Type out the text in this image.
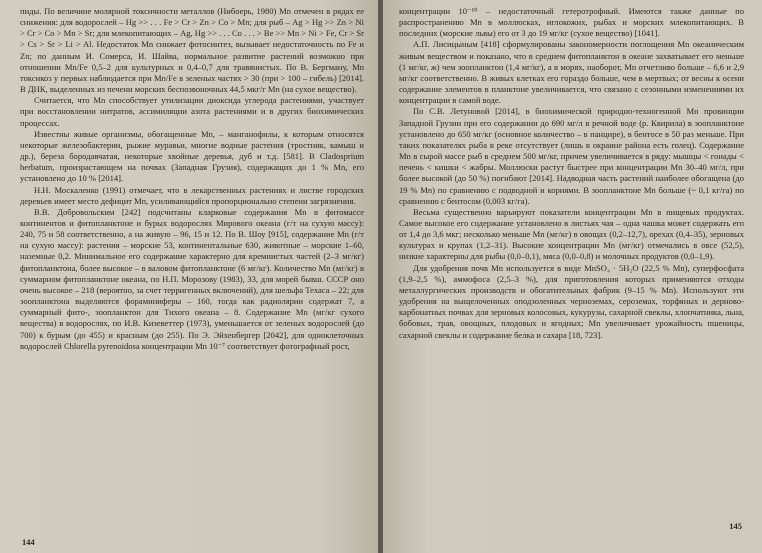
пиды. По величине молярной токсичности металлов (Нибоерь, 1980) Mn отмечен в рядах ее снижения: для водорослей – Hg >> . . . Fe > Cr > Zn > Co > Mn; для рыб – Ag > Hg >> Zn > Ni > Cr > Co > Mn > Sr; для млекопитающих – Ag, Hg >> . . . Co . . . > Be >> Mn > Ni > Fe, Cr > Sr > Cs > Sr > Li > Al. Недостаток Mn снижает фотосинтез, вызывает недостаточность по Fe и Zn; по данным И. Сомерса, И. Шайва, нормальное развитие растений возможно при отношении Mn/Fe 0,5–2 для культурных и 0,4–0,7 для травянистых. По В. Бергману, Mn токсикоз у первых наблюдается при Mn/Fe в зеленых частях > 30 (при > 100 – гибель) [2014]. В ДНК, выделенных из печени морских беспозвоночных 44,5 мкг/г Mn (на сухое вещество).

Считается, что Mn способствует утилизации диоксида углерода растениями, участвует при восстановлении нитратов, ассимиляции азота растениями и в других биохимических процессах.

Известны живые организмы, обогащенные Mn, – манганофилы, к которым относятся некоторые железобактерии, рыжие муравьи, многие водные растения (тростник, камыш и др.), береза бородавчатая, некоторые хвойные деревья, дуб и т.д. [581]. В Cladosprium herbatum, произрастающем на почвах (Западная Грузия), содержащих до 1 % Mn, его установлено до 10 % [2014].

Н.Н. Москаленко (1991) отмечает, что в лекарственных растениях и листве городских деревьев имеет место дефицит Mn, усиливающийся пропорционально степени загрязнения.

В.В. Добровольским [242] подсчитаны кларковые содержания Mn в фитомассе континентов и фитопланктоне и бурых водорослях Мирового океана (г/т на сухую массу): 240, 75 и 58 соответственно, а на живую – 96, 15 и 12. По В. Шоу [915], содержание Mn (г/т на сухую массу): растения – морские 53, континентальные 630, животные – морские 1–60, наземные 0,2. Минимальное его содержание характерно для кремнистых частей (2–3 мг/кг) фитопланктона, более высокое – в валовом фитопланктоне (6 мг/кг). Количество Mn (мг/кг) в суммарном фитопланктоне океана, по Н.П. Морозову (1983), 33, для морей бывш. СССР оно очень высокое – 218 (вероятно, за счет терригенных включений), для шельфа Техаса – 22; для зоопланктона выделяются фораминиферы – 160, тогда как радиолярии содержат 7, а суммарный фито-, зоопланктон для Тихого океана – 8. Содержание Mn (мг/кг сухого вещества) в водорослях, по И.В. Кизеветтер (1973), уменьшается от зеленых водорослей (до 700) к бурым (до 455) и красным (до 255). По Э. Эйхенбергер [2042], для одноклеточных водорослей Chlorella pyrenoidosa концентрации Mn 10⁻⁷ соответствует фотографный рост,

144

концентрации 10⁻¹⁰ – недостаточный гетеротрофный. Имеются также данные по распространению Mn в моллюсках, иглокожих, рыбах и морских млекопитающих. В последних (морские львы) его от 3 до 19 мг/кг (сухое вещество) [1041].

А.П. Лисицыным [418] сформулированы закономерности поглощения Mn океаническим живым веществом и показано, что в среднем фитопланктон в океане захватывает его меньше (1 мг/кг, ж) чем зоопланктон (1,4 мг/кг), а в морях, наоборот, Mn отчетливо больше – 6,6 и 2,9 мг/кг соответственно. В живых клетках его гораздо больше, чем в мертвых; от весны к осени содержание элементов в планктоне увеличивается, что связано с сезонными изменениями их концентрации в самой воде.

По С.В. Летуновой [2014], в биохимической природно-техногенной Mn провинции Западной Грузии при его содержании до 690 мг/л в речной воде (р. Квирила) в зоопланктоне установлено до 650 мг/кг (основное количество – в панцире), в бентосе в 50 раз меньше. При таких показателях рыба в реке отсутствует (лишь в окраине района есть голец). Содержание Mn в сырой массе рыб в среднем 500 мг/кг, причем увеличивается в ряду: мышцы < гонады < печень < кишки < жабры. Моллюски растут быстрее при концентрации Mn 30–40 мг/л, при более высокой (до 50 %) погибают [2014]. Надводная часть растений наиболее обогащена (до 19 % Mn) по сравнению с подводной и корнями. В зоопланктоне Mn больше (~ 0,1 кг/га) по сравнению с бентосом (0,003 кг/га).

Весьма существенно варьируют показатели концентрации Mn в пищевых продуктах. Самое высокое его содержание установлено в листьях чая – одна чашка может содержать его от 1,4 до 3,6 мкг; несколько меньше Mn (мг/кг) в овощах (0,2–12,7), орехах (0,4–35), зерновых культурах и крупах (1,2–31). Высокие концентрации Mn (мг/кг) отмечались в овсе (52,5), низкие характерны для рыбы (0,0–0,1), мяса (0,0–0,8) и молочных продуктов (0,0–1,9).

Для удобрения почв Mn используется в виде MnSO₄ · 5H₂O (22,5 % Mn), суперфосфата (1,9–2,5 %), аммофоса (2,5–3 %), для приготовления которых применяются отходы металлургических производств и обогатительных фабрик (9–15 % Mn). Используют эти удобрения на выщелоченных оподзоленных черноземах, сероземах, торфяных и дерново-карбонатных почвах для зерновых колосовых, кукурузы, сахарной свеклы, хлопчатника, льна, бобовых, трав, овощных, плодовых и ягодных; Mn увеличивает урожайность пшеницы, сахарной свеклы и содержание белка и сахара [18, 723].

145
